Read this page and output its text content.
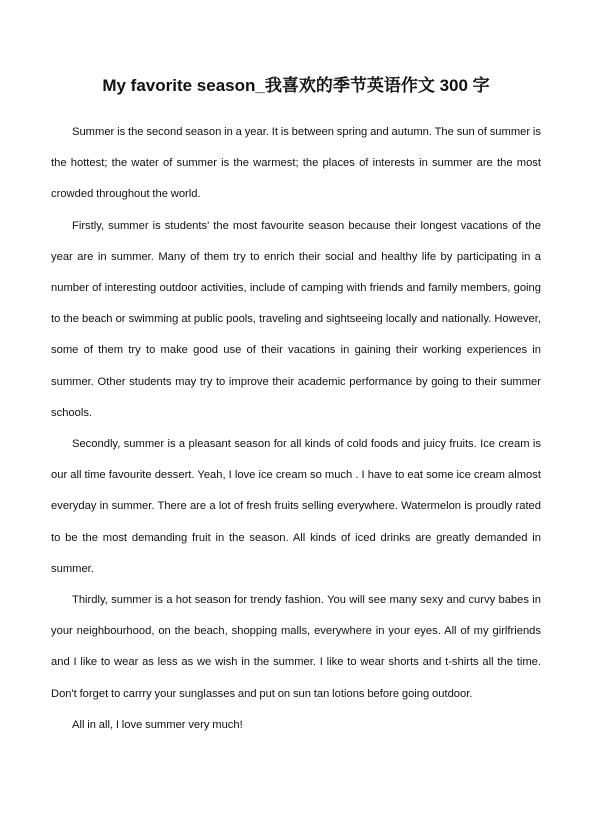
My favorite season_我喜欢的季节英语作文 300 字

Summer is the second season in a year. It is between spring and autumn. The sun of summer is the hottest; the water of summer is the warmest; the places of interests in summer are the most crowded throughout the world.

Firstly, summer is students' the most favourite season because their longest vacations of the year are in summer. Many of them try to enrich their social and healthy life by participating in a number of interesting outdoor activities, include of camping with friends and family members, going to the beach or swimming at public pools, traveling and sightseeing locally and nationally. However, some of them try to make good use of their vacations in gaining their working experiences in summer. Other students may try to improve their academic performance by going to their summer schools.

Secondly, summer is a pleasant season for all kinds of cold foods and juicy fruits. Ice cream is our all time favourite dessert. Yeah, I love ice cream so much . I have to eat some ice cream almost everyday in summer. There are a lot of fresh fruits selling everywhere. Watermelon is proudly rated to be the most demanding fruit in the season. All kinds of iced drinks are greatly demanded in summer.

Thirdly, summer is a hot season for trendy fashion. You will see many sexy and curvy babes in your neighbourhood, on the beach, shopping malls, everywhere in your eyes. All of my girlfriends and I like to wear as less as we wish in the summer. I like to wear shorts and t-shirts all the time. Don't forget to carrry your sunglasses and put on sun tan lotions before going outdoor.

All in all, I love summer very much!
